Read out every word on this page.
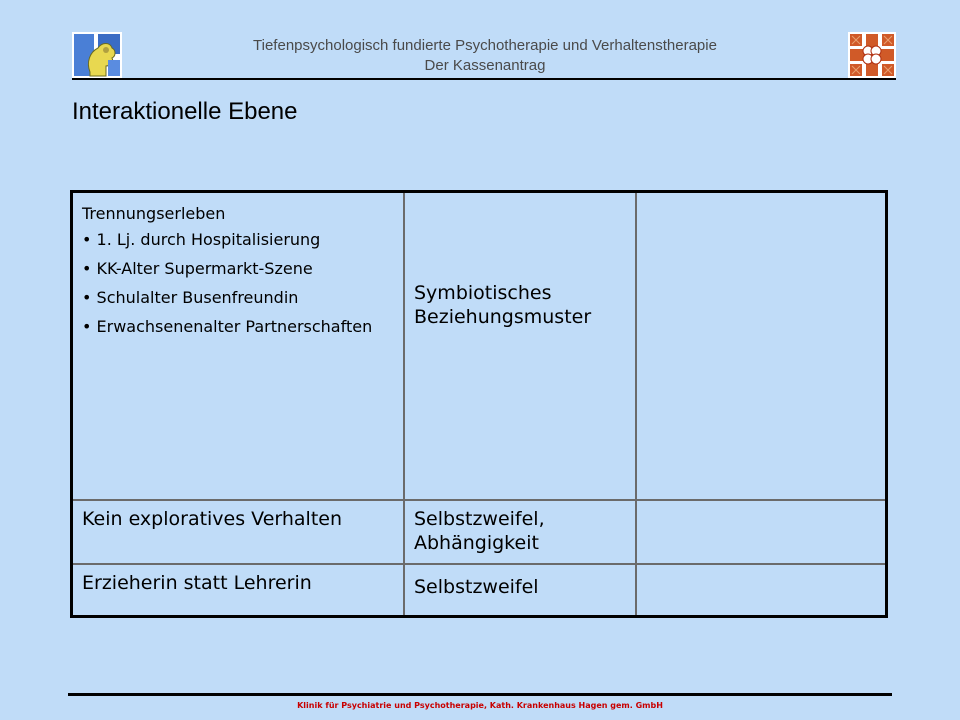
Tiefenpsychologisch fundierte Psychotherapie und Verhaltenstherapie
Der Kassenantrag
Interaktionelle Ebene
Trennungserleben
• 1. Lj. durch Hospitalisierung
• KK-Alter Supermarkt-Szene
• Schulalter Busenfreundin
• Erwachsenenalter Partnerschaften	Symbiotisches Beziehungsmuster	
Kein exploratives Verhalten	Selbstzweifel, Abhängigkeit	
Erzieherin statt Lehrerin	Selbstzweifel	
Klinik für Psychiatrie und Psychotherapie, Kath. Krankenhaus Hagen gem. GmbH
